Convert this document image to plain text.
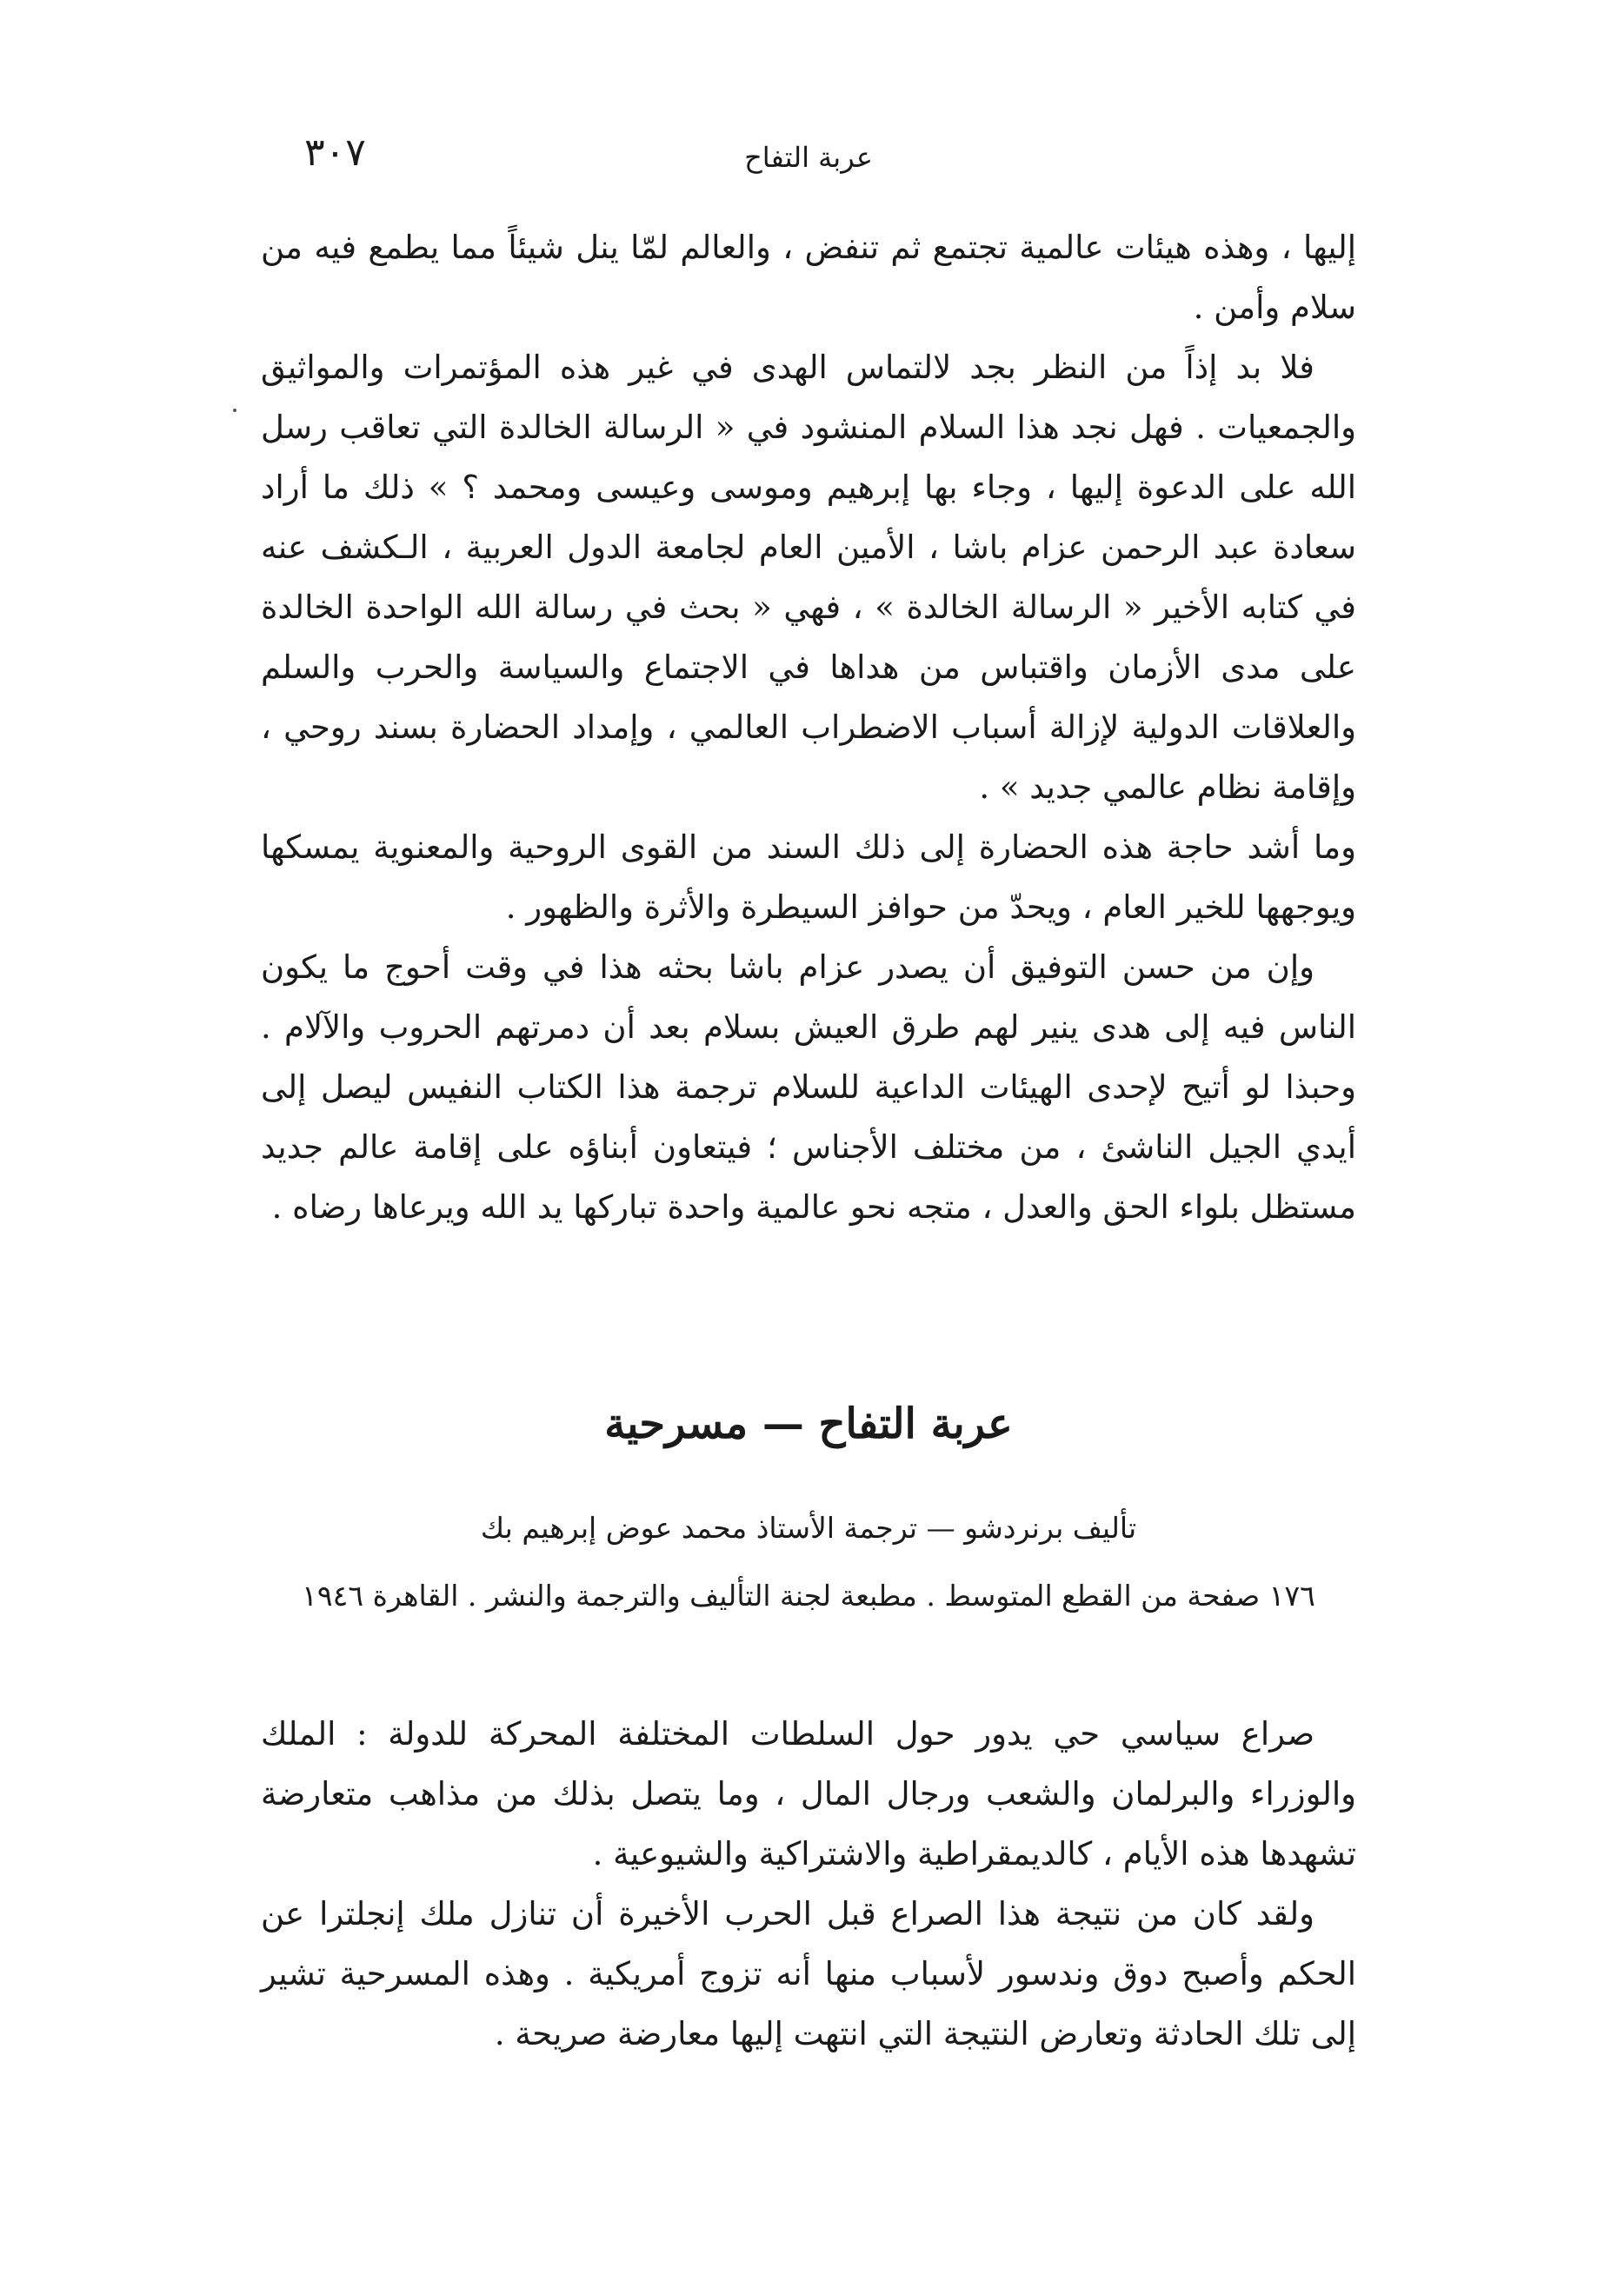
٣٠٧	عربة التفاح

إليها ، وهذه هيئات عالمية تجتمع ثم تنفض ، والعالم لمّا ينل شيئاً مما يطمع فيه من سلام وأمن .

فلا بد إذاً من النظر بجد لالتماس الهدى في غير هذه المؤتمرات والمواثيق والجمعيات . فهل نجد هذا السلام المنشود في « الرسالة الخالدة التي تعاقب رسل الله على الدعوة إليها ، وجاء بها إبرهيم وموسى وعيسى ومحمد ؟ » ذلك ما أراد سعادة عبد الرحمن عزام باشا ، الأمين العام لجامعة الدول العربية ، الـكشف عنه في كتابه الأخير « الرسالة الخالدة » ، فهي « بحث في رسالة الله الواحدة الخالدة على مدى الأزمان واقتباس من هداها في الاجتماع والسياسة والحرب والسلم والعلاقات الدولية لإزالة أسباب الاضطراب العالمي ، وإمداد الحضارة بسند روحي ، وإقامة نظام عالمي جديد » .

وما أشد حاجة هذه الحضارة إلى ذلك السند من القوى الروحية والمعنوية يمسكها ويوجهها للخير العام ، ويحدّ من حوافز السيطرة والأثرة والظهور .

وإن من حسن التوفيق أن يصدر عزام باشا بحثه هذا في وقت أحوج ما يكون الناس فيه إلى هدى ينير لهم طرق العيش بسلام بعد أن دمرتهم الحروب والآلام . وحبذا لو أتيح لإحدى الهيئات الداعية للسلام ترجمة هذا الكتاب النفيس ليصل إلى أيدي الجيل الناشئ ، من مختلف الأجناس ؛ فيتعاون أبناؤه على إقامة عالم جديد مستظل بلواء الحق والعدل ، متجه نحو عالمية واحدة تباركها يد الله ويرعاها رضاه .

عربة التفاح — مسرحية
تأليف برنردشو — ترجمة الأستاذ محمد عوض إبرهيم بك
١٧٦ صفحة من القطع المتوسط . مطبعة لجنة التأليف والترجمة والنشر . القاهرة ١٩٤٦

صراع سياسي حي يدور حول السلطات المختلفة المحركة للدولة : الملك والوزراء والبرلمان والشعب ورجال المال ، وما يتصل بذلك من مذاهب متعارضة تشهدها هذه الأيام ، كالديمقراطية والاشتراكية والشيوعية .

ولقد كان من نتيجة هذا الصراع قبل الحرب الأخيرة أن تنازل ملك إنجلترا عن الحكم وأصبح دوق وندسور لأسباب منها أنه تزوج أمريكية . وهذه المسرحية تشير إلى تلك الحادثة وتعارض النتيجة التي انتهت إليها معارضة صريحة .
